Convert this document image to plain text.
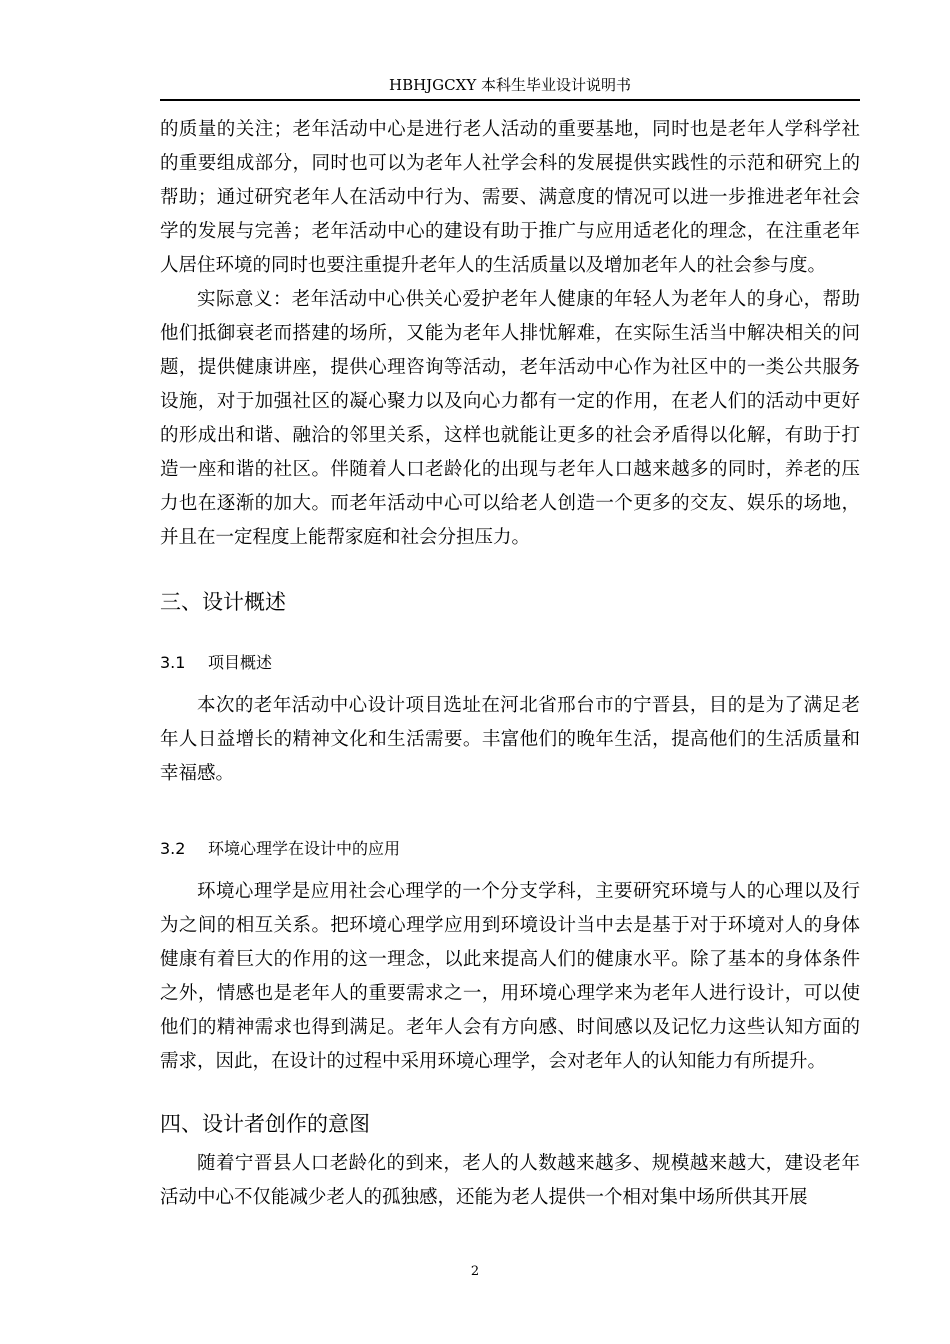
HBHJGCXY 本科生毕业设计说明书

的质量的关注；老年活动中心是进行老人活动的重要基地，同时也是老年人学科学社的重要组成部分，同时也可以为老年人社学会科的发展提供实践性的示范和研究上的帮助；通过研究老年人在活动中行为、需要、满意度的情况可以进一步推进老年社会学的发展与完善；老年活动中心的建设有助于推广与应用适老化的理念，在注重老年人居住环境的同时也要注重提升老年人的生活质量以及增加老年人的社会参与度。

实际意义：老年活动中心供关心爱护老年人健康的年轻人为老年人的身心，帮助他们抵御衰老而搭建的场所，又能为老年人排忧解难，在实际生活当中解决相关的问题，提供健康讲座，提供心理咨询等活动，老年活动中心作为社区中的一类公共服务设施，对于加强社区的凝心聚力以及向心力都有一定的作用，在老人们的活动中更好的形成出和谐、融洽的邻里关系，这样也就能让更多的社会矛盾得以化解，有助于打造一座和谐的社区。伴随着人口老龄化的出现与老年人口越来越多的同时，养老的压力也在逐渐的加大。而老年活动中心可以给老人创造一个更多的交友、娱乐的场地，并且在一定程度上能帮家庭和社会分担压力。

三、设计概述
3.1 项目概述

本次的老年活动中心设计项目选址在河北省邢台市的宁晋县，目的是为了满足老年人日益增长的精神文化和生活需要。丰富他们的晚年生活，提高他们的生活质量和幸福感。

3.2 环境心理学在设计中的应用

环境心理学是应用社会心理学的一个分支学科，主要研究环境与人的心理以及行为之间的相互关系。把环境心理学应用到环境设计当中去是基于对于环境对人的身体健康有着巨大的作用的这一理念，以此来提高人们的健康水平。除了基本的身体条件之外，情感也是老年人的重要需求之一，用环境心理学来为老年人进行设计，可以使他们的精神需求也得到满足。老年人会有方向感、时间感以及记忆力这些认知方面的需求，因此，在设计的过程中采用环境心理学，会对老年人的认知能力有所提升。

四、设计者创作的意图

随着宁晋县人口老龄化的到来，老人的人数越来越多、规模越来越大，建设老年活动中心不仅能减少老人的孤独感，还能为老人提供一个相对集中场所供其开展

2
